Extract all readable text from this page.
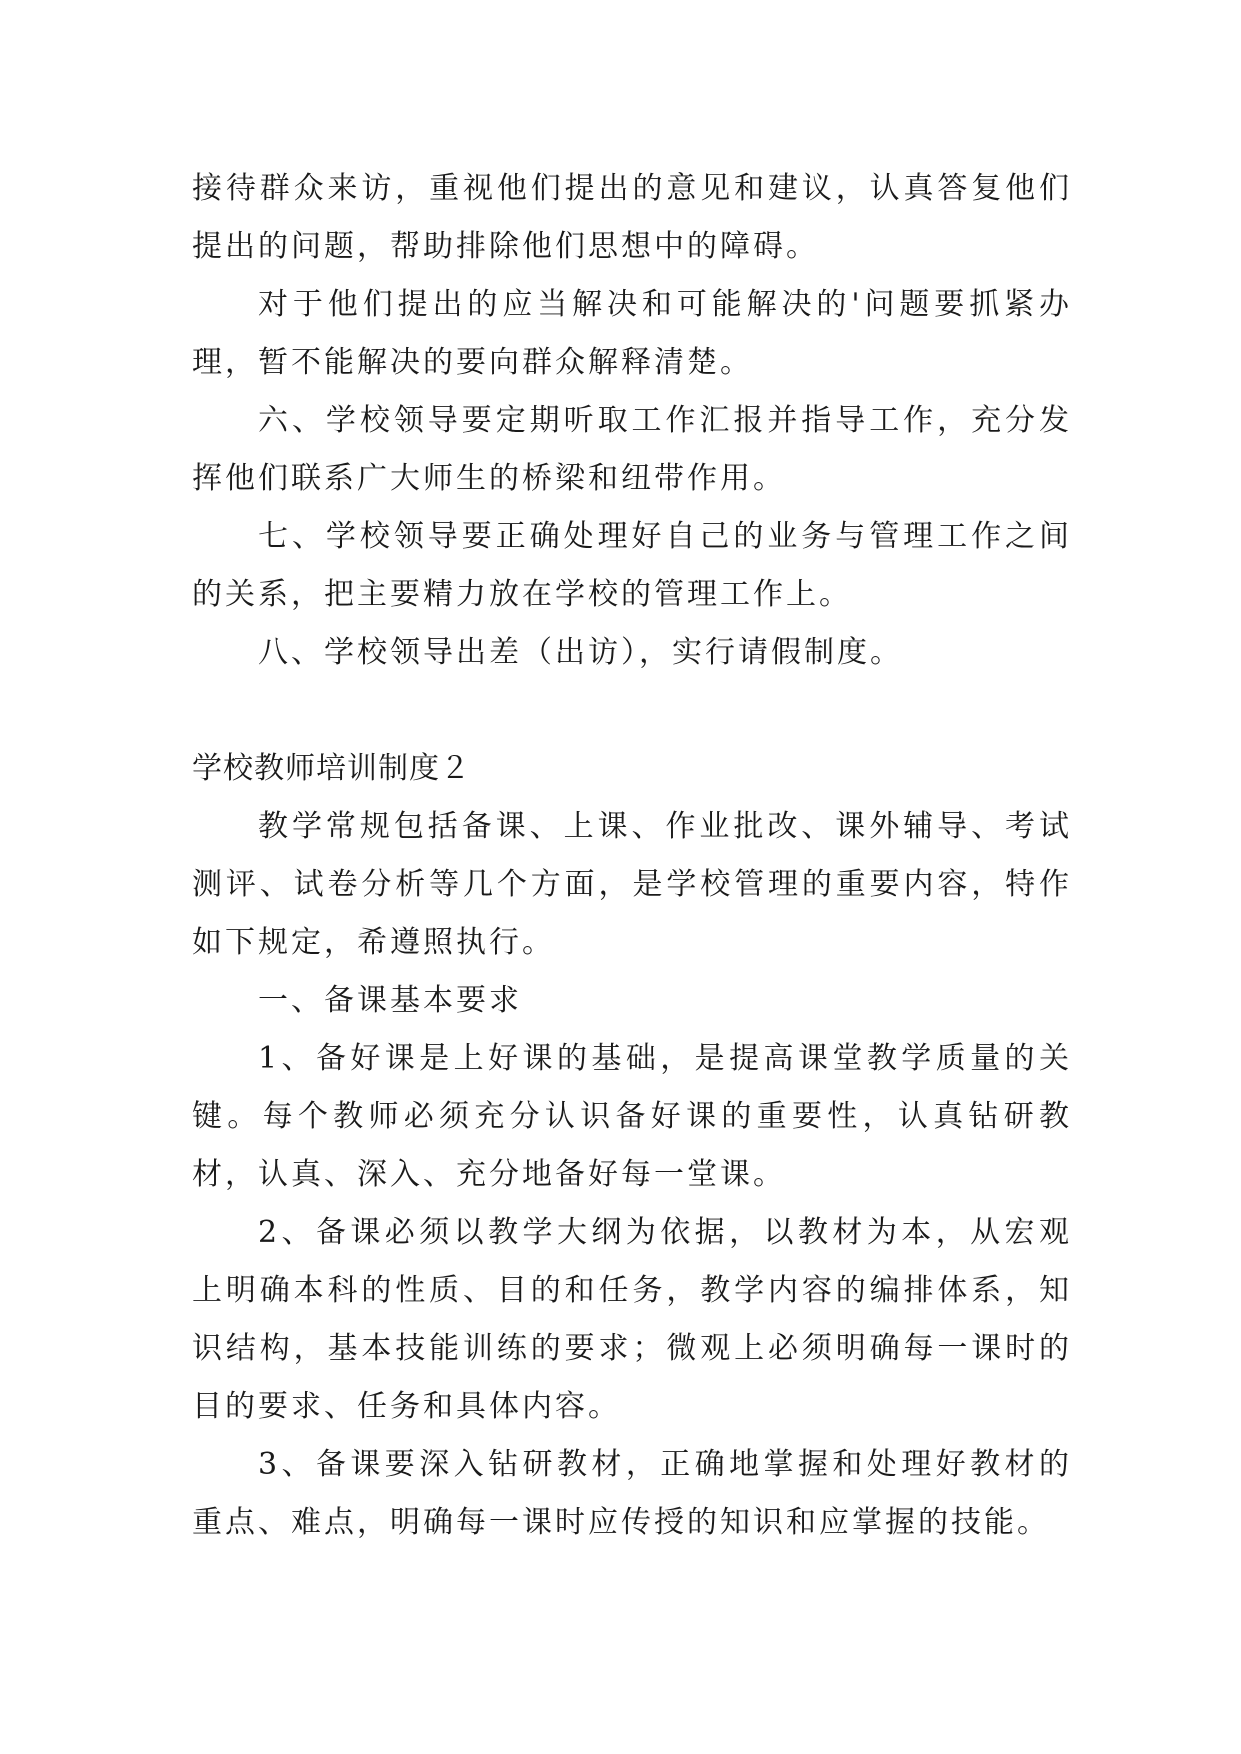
接待群众来访，重视他们提出的意见和建议，认真答复他们提出的问题，帮助排除他们思想中的障碍。

对于他们提出的应当解决和可能解决的'问题要抓紧办理，暂不能解决的要向群众解释清楚。

六、学校领导要定期听取工作汇报并指导工作，充分发挥他们联系广大师生的桥梁和纽带作用。

七、学校领导要正确处理好自己的业务与管理工作之间的关系，把主要精力放在学校的管理工作上。

八、学校领导出差（出访），实行请假制度。

学校教师培训制度２

教学常规包括备课、上课、作业批改、课外辅导、考试测评、试卷分析等几个方面，是学校管理的重要内容，特作如下规定，希遵照执行。

一、备课基本要求

1、备好课是上好课的基础，是提高课堂教学质量的关键。每个教师必须充分认识备好课的重要性，认真钻研教材，认真、深入、充分地备好每一堂课。

2、备课必须以教学大纲为依据，以教材为本，从宏观上明确本科的性质、目的和任务，教学内容的编排体系，知识结构，基本技能训练的要求；微观上必须明确每一课时的目的要求、任务和具体内容。

3、备课要深入钻研教材，正确地掌握和处理好教材的重点、难点，明确每一课时应传授的知识和应掌握的技能。
